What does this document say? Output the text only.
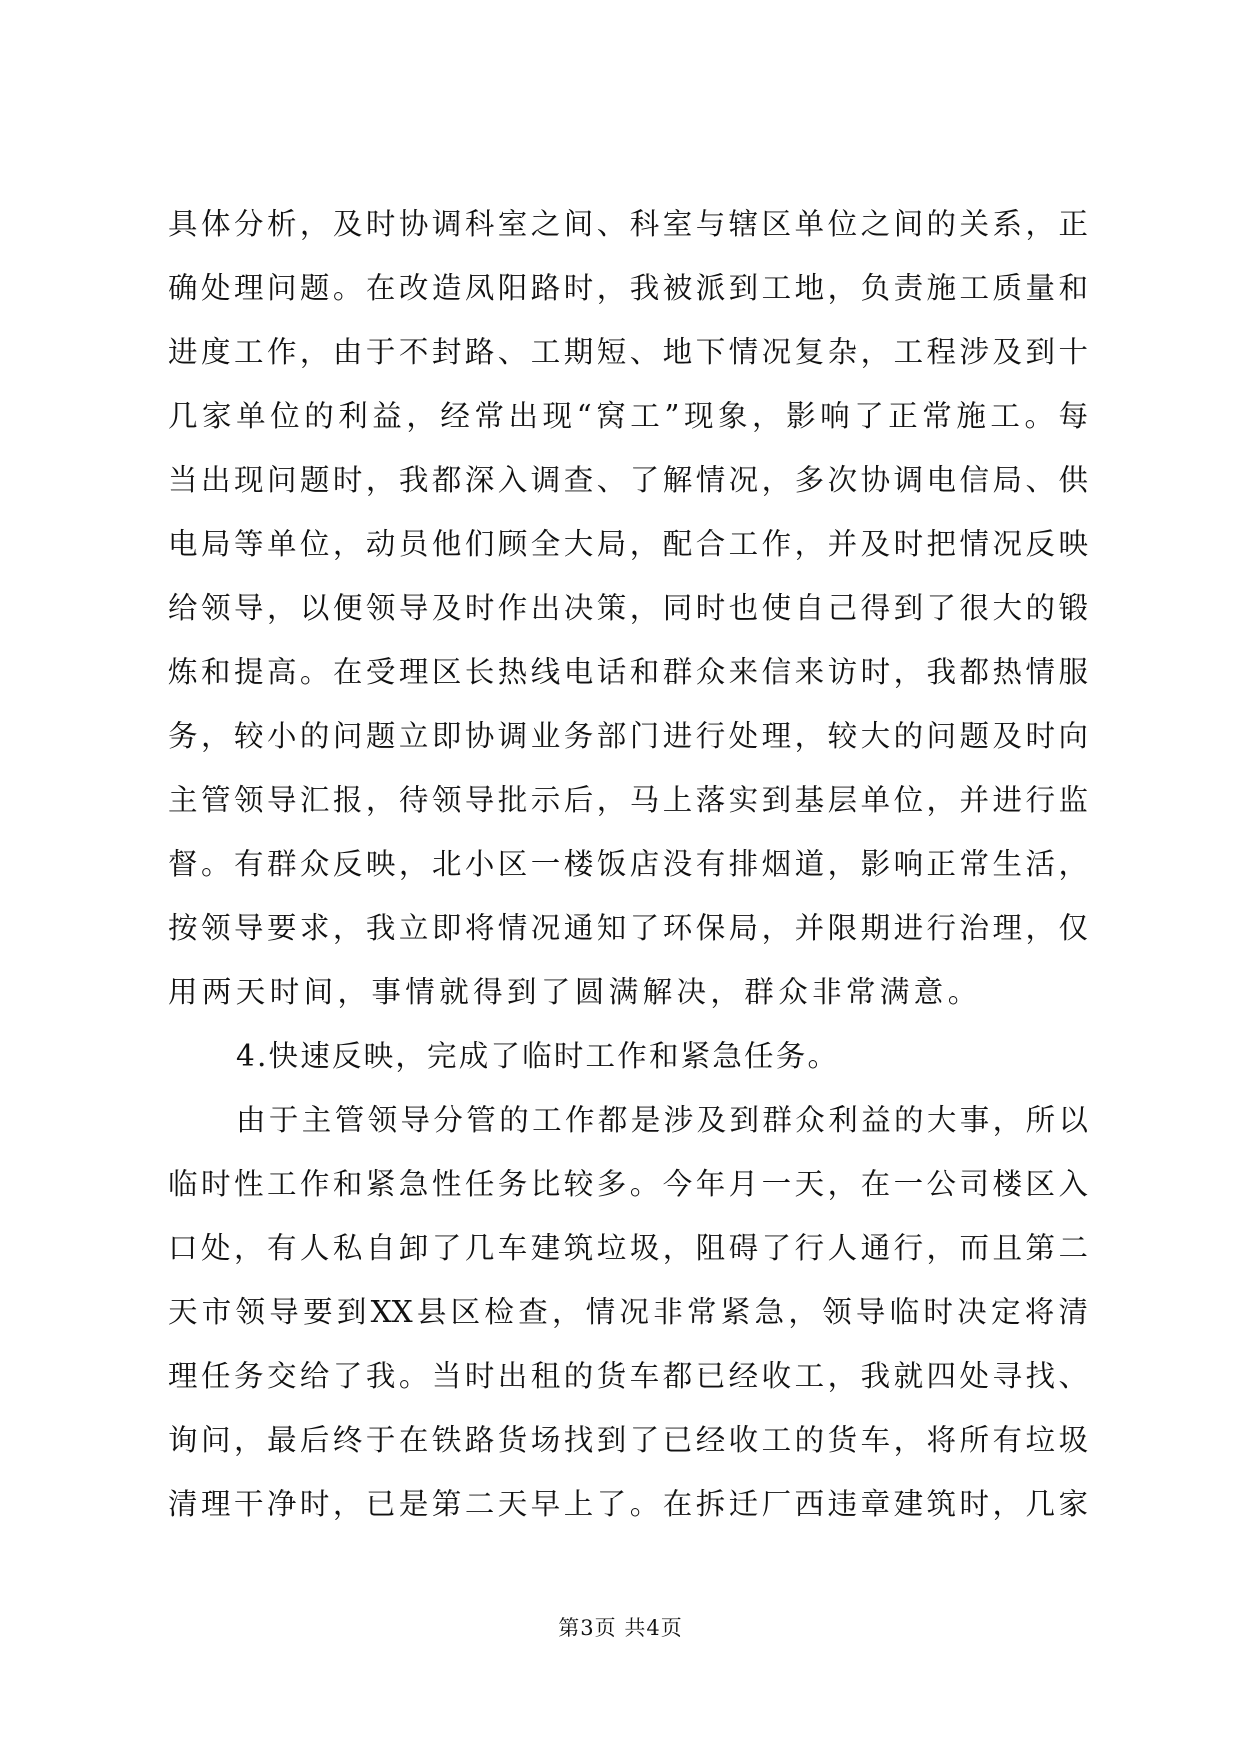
具体分析，及时协调科室之间、科室与辖区单位之间的关系，正
确处理问题。在改造凤阳路时，我被派到工地，负责施工质量和
进度工作，由于不封路、工期短、地下情况复杂，工程涉及到十
几家单位的利益，经常出现“窝工”现象，影响了正常施工。每
当出现问题时，我都深入调查、了解情况，多次协调电信局、供
电局等单位，动员他们顾全大局，配合工作，并及时把情况反映
给领导，以便领导及时作出决策，同时也使自己得到了很大的锻
炼和提高。在受理区长热线电话和群众来信来访时，我都热情服
务，较小的问题立即协调业务部门进行处理，较大的问题及时向
主管领导汇报，待领导批示后，马上落实到基层单位，并进行监
督。有群众反映，北小区一楼饭店没有排烟道，影响正常生活，
按领导要求，我立即将情况通知了环保局，并限期进行治理，仅
用两天时间，事情就得到了圆满解决，群众非常满意。
4.快速反映，完成了临时工作和紧急任务。
由于主管领导分管的工作都是涉及到群众利益的大事，所以
临时性工作和紧急性任务比较多。今年月一天，在一公司楼区入
口处，有人私自卸了几车建筑垃圾，阻碍了行人通行，而且第二
天市领导要到XX县区检查，情况非常紧急，领导临时决定将清
理任务交给了我。当时出租的货车都已经收工，我就四处寻找、
询问，最后终于在铁路货场找到了已经收工的货车，将所有垃圾
清理干净时，已是第二天早上了。在拆迁厂西违章建筑时，几家
第3页 共4页
